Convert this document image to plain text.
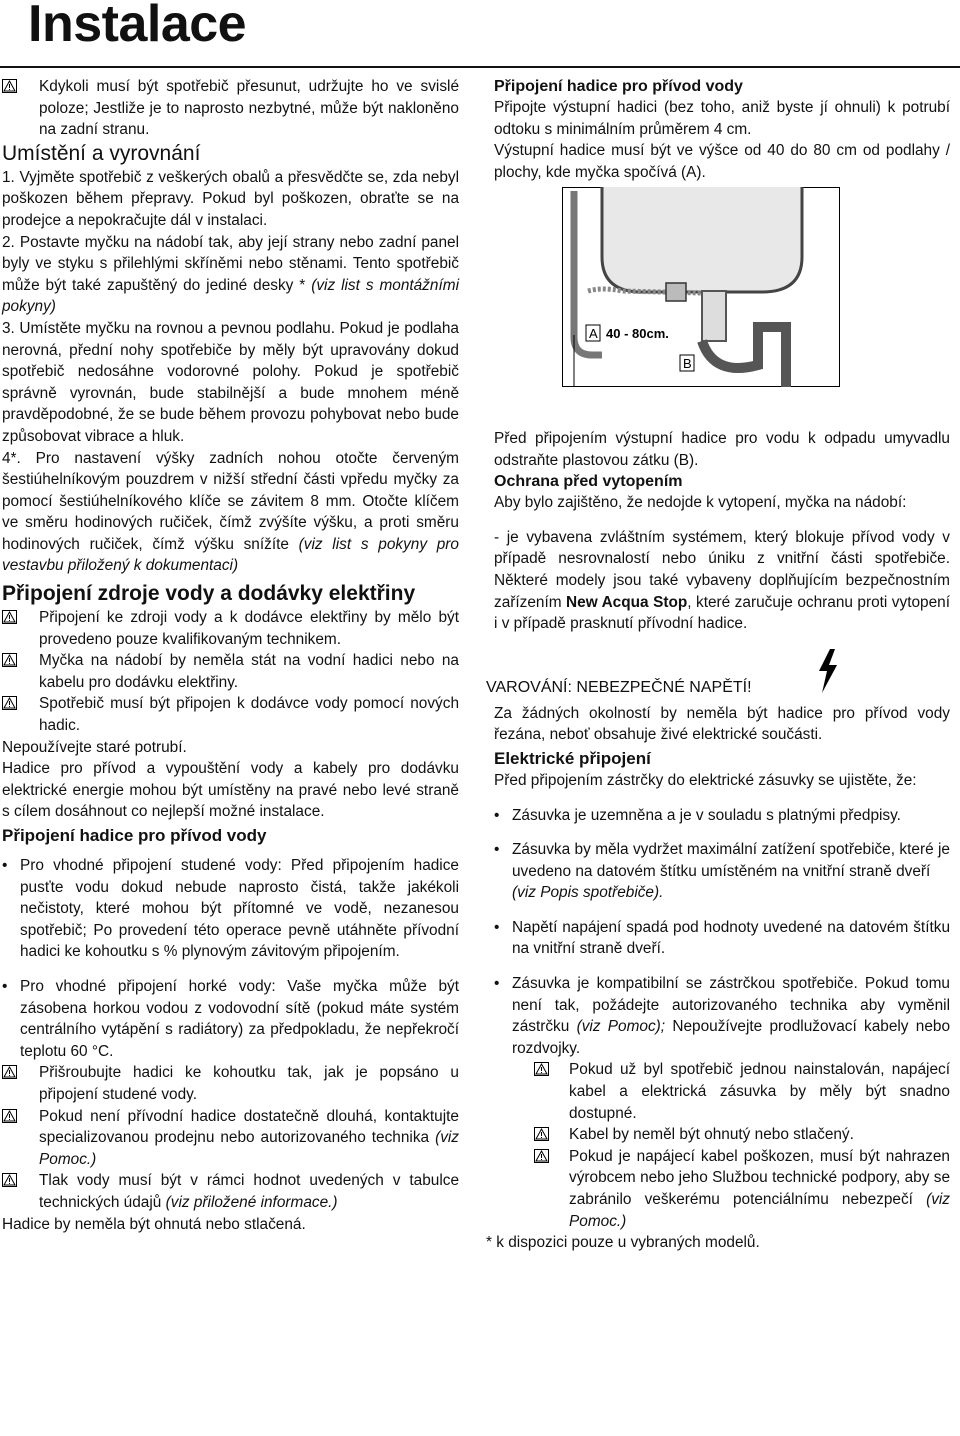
Instalace
Kdykoli musí být spotřebič přesunut, udržujte ho ve svislé poloze; Jestliže je to naprosto nezbytné, může být nakloněno na zadní stranu.

Umístění a vyrovnání

1. Vyjměte spotřebič z veškerých obalů a přesvědčte se, zda nebyl poškozen během přepravy. Pokud byl poškozen, obraťte se na prodejce a nepokračujte dál v instalaci.

2. Postavte myčku na nádobí tak, aby její strany nebo zadní panel byly ve styku s přilehlými skříněmi nebo stěnami. Tento spotřebič může být také zapuštěný do jediné desky * (viz list s montážními pokyny)

3. Umístěte myčku na rovnou a pevnou podlahu. Pokud je podlaha nerovná, přední nohy spotřebiče by měly být upravovány dokud spotřebič nedosáhne vodorovné polohy. Pokud je spotřebič správně vyrovnán, bude stabilnější a bude mnohem méně pravděpodobné, že se bude během provozu pohybovat nebo bude způsobovat vibrace a hluk.

4*. Pro nastavení výšky zadních nohou otočte červeným šestiúhelníkovým pouzdrem v nižší střední části vpředu myčky za pomocí šestiúhelníkového klíče se závitem 8 mm. Otočte klíčem ve směru hodinových ručiček, čímž zvýšíte výšku, a proti směru hodinových ručiček, čímž výšku snížíte (viz list s pokyny pro vestavbu přiložený k dokumentaci)

Připojení zdroje vody a dodávky elektřiny
Připojení ke zdroji vody a k dodávce elektřiny by mělo být provedeno pouze kvalifikovaným technikem.
Myčka na nádobí by neměla stát na vodní hadici nebo na kabelu pro dodávku elektřiny.
Spotřebič musí být připojen k dodávce vody pomocí nových hadic.

Nepoužívejte staré potrubí.

Hadice pro přívod a vypouštění vody a kabely pro dodávku elektrické energie mohou být umístěny na pravé nebo levé straně s cílem dosáhnout co nejlepší možné instalace.

Připojení hadice pro přívod vody
• Pro vhodné připojení studené vody: Před připojením hadice pusťte vodu dokud nebude naprosto čistá, takže jakékoli nečistoty, které mohou být přítomné ve vodě, nezanesou spotřebič; Po provedení této operace pevně utáhněte přívodní hadici ke kohoutku s % plynovým závitovým připojením.
• Pro vhodné připojení horké vody: Vaše myčka může být zásobena horkou vodou z vodovodní sítě (pokud máte systém centrálního vytápění s radiátory) za předpokladu, že nepřekročí teplotu 60 °C.
Přišroubujte hadici ke kohoutku tak, jak je popsáno u připojení studené vody.
Pokud není přívodní hadice dostatečně dlouhá, kontaktujte specializovanou prodejnu nebo autorizovaného technika (viz Pomoc.)
Tlak vody musí být v rámci hodnot uvedených v tabulce technických údajů (viz přiložené informace.)

Hadice by neměla být ohnutá nebo stlačená.

Připojení hadice pro přívod vody

Připojte výstupní hadici (bez toho, aniž byste jí ohnuli) k potrubí odtoku s minimálním průměrem 4 cm.

Výstupní hadice musí být ve výšce od 40 do 80 cm od podlahy / plochy, kde myčka spočívá (A).

A 40 - 80cm.
B

Před připojením výstupní hadice pro vodu k odpadu umyvadlu odstraňte plastovou zátku (B).

Ochrana před vytopením

Aby bylo zajištěno, že nedojde k vytopení, myčka na nádobí:

- je vybavena zvláštním systémem, který blokuje přívod vody v případě nesrovnalostí nebo úniku z vnitřní části spotřebiče. Některé modely jsou také vybaveny doplňujícím bezpečnostním zařízením New Acqua Stop, které zaručuje ochranu proti vytopení i v případě prasknutí přívodní hadice.

VAROVÁNÍ: NEBEZPEČNÉ NAPĚTÍ!

Za žádných okolností by neměla být hadice pro přívod vody řezána, neboť obsahuje živé elektrické součásti.

Elektrické připojení

Před připojením zástrčky do elektrické zásuvky se ujistěte, že:

• Zásuvka je uzemněna a je v souladu s platnými předpisy.
• Zásuvka by měla vydržet maximální zatížení spotřebiče, které je uvedeno na datovém štítku umístěném na vnitřní straně dveří
(viz Popis spotřebiče).
• Napětí napájení spadá pod hodnoty uvedené na datovém štítku na vnitřní straně dveří.
• Zásuvka je kompatibilní se zástrčkou spotřebiče. Pokud tomu není tak, požádejte autorizovaného technika aby vyměnil zástrčku (viz Pomoc); Nepoužívejte prodlužovací kabely nebo rozdvojky.
Pokud už byl spotřebič jednou nainstalován, napájecí kabel a elektrická zásuvka by měly být snadno dostupné.
Kabel by neměl být ohnutý nebo stlačený.
Pokud je napájecí kabel poškozen, musí být nahrazen výrobcem nebo jeho Službou technické podpory, aby se zabránilo veškerému potenciálnímu nebezpečí (viz Pomoc.)

* k dispozici pouze u vybraných modelů.
